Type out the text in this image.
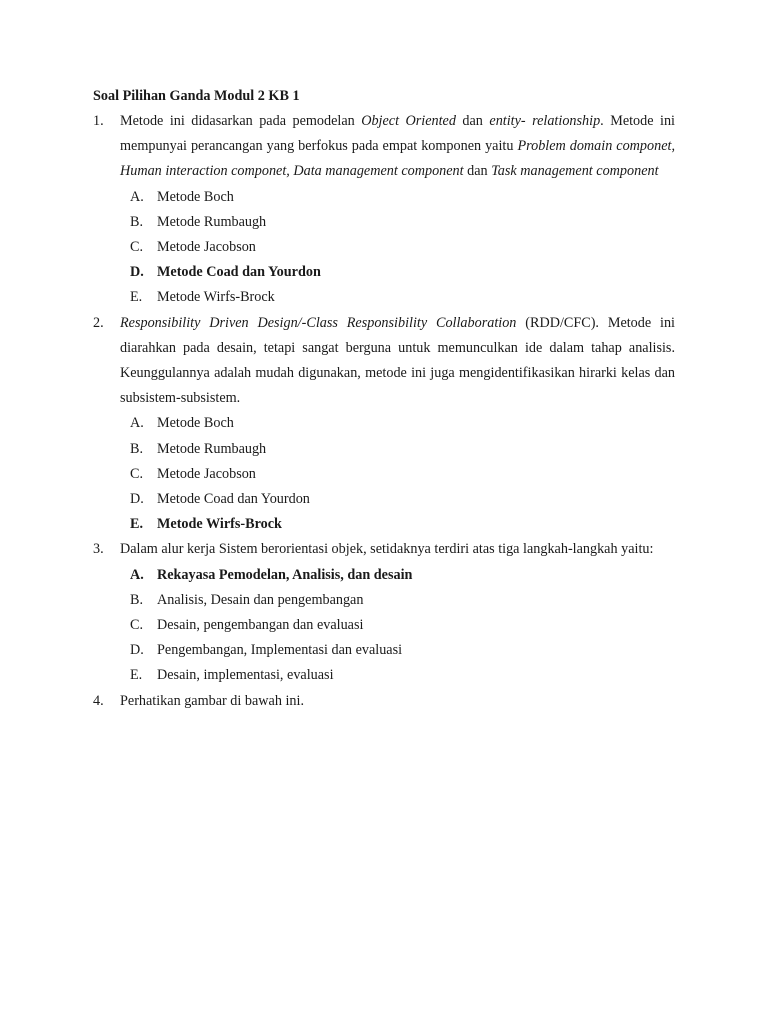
Soal Pilihan Ganda Modul 2 KB 1
1.	Metode ini didasarkan pada pemodelan Object Oriented dan entity- relationship. Metode ini mempunyai perancangan yang berfokus pada empat komponen yaitu Problem domain componet, Human interaction componet, Data management component dan Task management component
A. Metode Boch
B. Metode Rumbaugh
C. Metode Jacobson
D. Metode Coad dan Yourdon
E.	Metode Wirfs-Brock
2.	Responsibility Driven Design/-Class Responsibility Collaboration (RDD/CFC). Metode ini diarahkan pada desain, tetapi sangat berguna untuk memunculkan ide dalam tahap analisis. Keunggulannya adalah mudah digunakan, metode ini juga mengidentifikasikan hirarki kelas dan subsistem-subsistem.
A. Metode Boch
B. Metode Rumbaugh
C. Metode Jacobson
D. Metode Coad dan Yourdon
E. Metode Wirfs-Brock
3.	Dalam alur kerja Sistem berorientasi objek, setidaknya terdiri atas tiga langkah-langkah yaitu:
A. Rekayasa Pemodelan, Analisis, dan desain
B. Analisis, Desain dan pengembangan
C. Desain, pengembangan dan evaluasi
D. Pengembangan, Implementasi dan evaluasi
E.	Desain, implementasi, evaluasi
4.	Perhatikan gambar di bawah ini.
